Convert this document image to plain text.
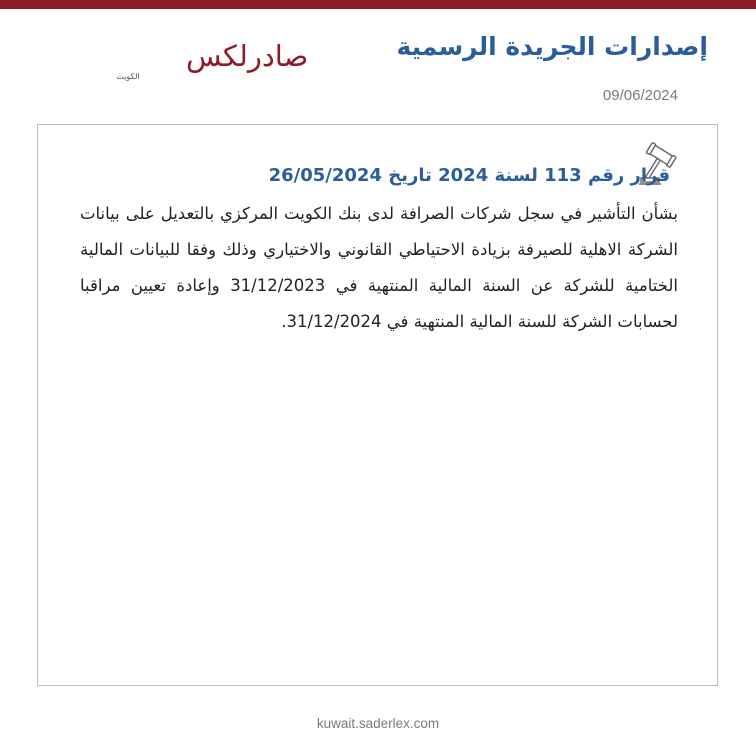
صادرلكس
الكويت
إصدارات الجريدة الرسمية
09/06/2024
قرار رقم 113 لسنة 2024 تاريخ 26/05/2024
بشأن التأشير في سجل شركات الصرافة لدى بنك الكويت المركزي بالتعديل على بيانات الشركة الاهلية للصيرفة بزيادة الاحتياطي القانوني والاختياري وذلك وفقا للبيانات المالية الختامية للشركة عن السنة المالية المنتهية في 31/12/2023 وإعادة تعيين مراقبا لحسابات الشركة للسنة المالية المنتهية في 31/12/2024.
kuwait.saderlex.com
